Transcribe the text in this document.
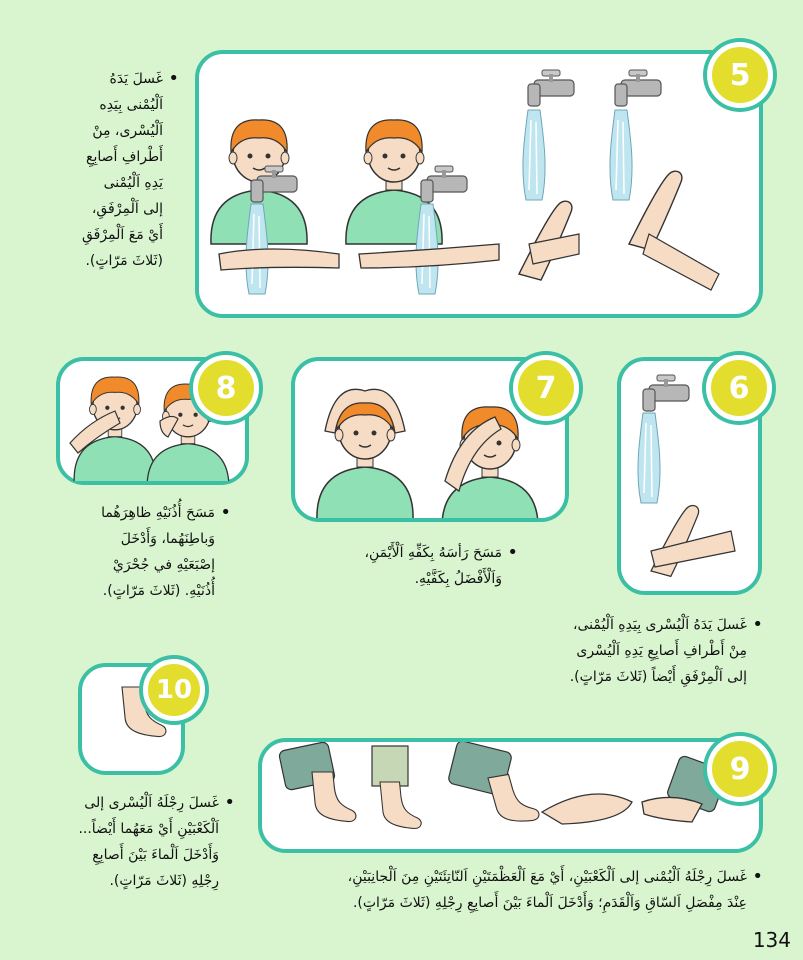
5
• غَسلَ يَدَهُ
اَلْيُمْنى بِيَدِه
اَلْيُسْرى، مِنْ
أَطْرافِ أَصابِعِ
يَدِهِ اَلْيُمْنى
إلى اَلْمِرْفَقِ،
أَيْ مَعَ اَلْمِرْفَقِ
(ثَلاثَ مَرّاتٍ).
8
• مَسَحَ أُذُنَيْهِ ظاهِرَهُما
وَباطِنَهُما، وَأَدْخَلَ
إصْبَعَيْهِ في جُحْرَيْ
أُذُنَيْهِ. (ثَلاثَ مَرّاتٍ).
7
• مَسَحَ رَأسَهُ بِكَفِّهِ اَلْأَيْمَنِ،
وَاَلْأَفْضَلُ بِكَفَّيْهِ.
6
• غَسلَ يَدَهُ اَلْيُسْرى بِيَدِهِ اَلْيُمْنى،
مِنْ أَطْرافِ أَصابِعِ يَدِهِ اَلْيُسْرى
إلى اَلْمِرْفَقِ أَيْضاً (ثَلاثَ مَرّاتٍ).
10
• غَسلَ رِجْلَهُ اَلْيُسْرى إلى
اَلْكَعْبَيْنِ أَيْ مَعَهُما أَيْضاً...
وَأَدْخَلَ اَلْماءَ بَيْنَ أَصابِعِ
رِجْلِهِ (ثَلاثَ مَرّاتٍ).
9
• غَسلَ رِجْلَهُ اَلْيُمْنى إلى اَلْكَعْبَيْنِ، أَيْ مَعَ اَلْعَظْمَتَيْنِ اَلنّاتِئَتَيْنِ مِنَ اَلْجانِبَيْنِ،
عِنْدَ مِفْصَلِ اَلسّاقِ وَاَلْقَدَمِ؛ وَأَدْخَلَ اَلْماءَ بَيْنَ أَصابِعِ رِجْلِهِ (ثَلاثَ مَرّاتٍ).
134
